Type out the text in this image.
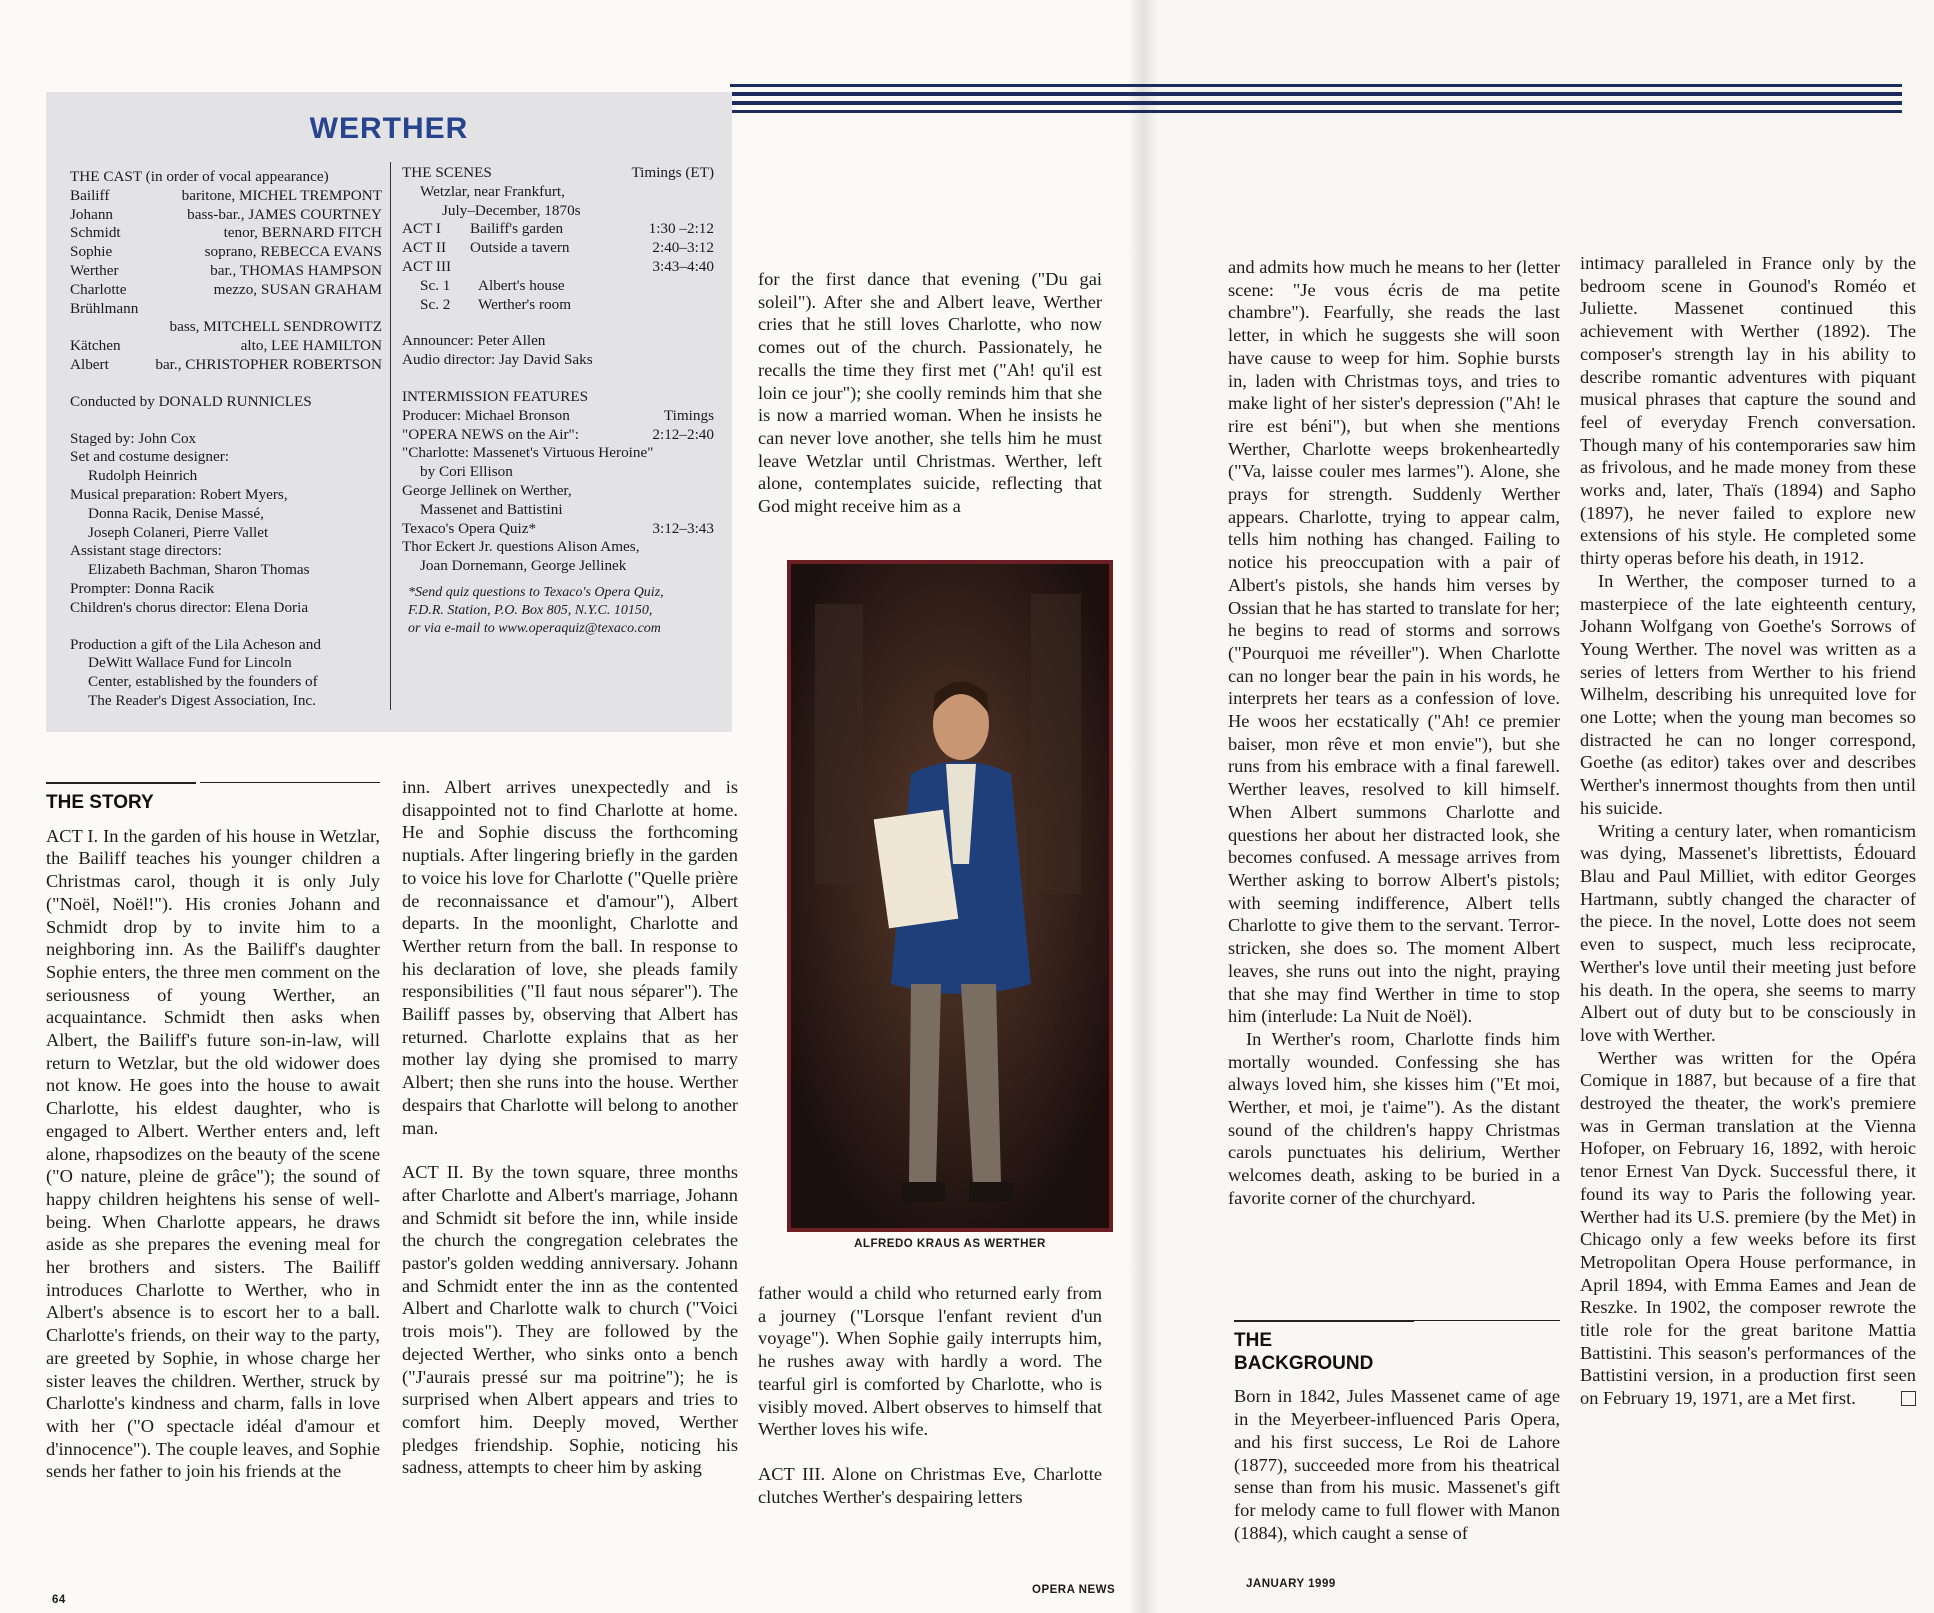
WERTHER
THE CAST (in order of vocal appearance)
Bailiff	baritone, MICHEL TREMPONT
Johann	bass-bar., JAMES COURTNEY
Schmidt	tenor, BERNARD FITCH
Sophie	soprano, REBECCA EVANS
Werther	bar., THOMAS HAMPSON
Charlotte	mezzo, SUSAN GRAHAM
Brühlmann
bass, MITCHELL SENDROWITZ
Kätchen	alto, LEE HAMILTON
Albert	bar., CHRISTOPHER ROBERTSON
Conducted by DONALD RUNNICLES
Staged by: John Cox
Set and costume designer:
Rudolph Heinrich
Musical preparation: Robert Myers,
Donna Racik, Denise Massé,
Joseph Colaneri, Pierre Vallet
Assistant stage directors:
Elizabeth Bachman, Sharon Thomas
Prompter: Donna Racik
Children's chorus director: Elena Doria
Production a gift of the Lila Acheson and
DeWitt Wallace Fund for Lincoln
Center, established by the founders of
The Reader's Digest Association, Inc.
THE SCENES	Timings (ET)
Wetzlar, near Frankfurt,
July–December, 1870s
ACT I Bailiff's garden	1:30 –2:12
ACT II Outside a tavern	2:40–3:12
ACT III	3:43–4:40
Sc. 1 Albert's house
Sc. 2 Werther's room
Announcer: Peter Allen
Audio director: Jay David Saks
INTERMISSION FEATURES
Producer: Michael Bronson	Timings
"OPERA NEWS on the Air":	2:12–2:40
"Charlotte: Massenet's Virtuous Heroine"
by Cori Ellison
George Jellinek on Werther,
Massenet and Battistini
Texaco's Opera Quiz*	3:12–3:43
Thor Eckert Jr. questions Alison Ames,
Joan Dornemann, George Jellinek
*Send quiz questions to Texaco's Opera Quiz,
F.D.R. Station, P.O. Box 805, N.Y.C. 10150,
or via e-mail to www.operaquiz@texaco.com
THE STORY

ACT I. In the garden of his house in Wetzlar, the Bailiff teaches his younger children a Christmas carol, though it is only July ("Noël, Noël!"). His cronies Johann and Schmidt drop by to invite him to a neighboring inn. As the Bailiff's daughter Sophie enters, the three men comment on the seriousness of young Werther, an acquaintance. Schmidt then asks when Albert, the Bailiff's future son-in-law, will return to Wetzlar, but the old widower does not know. He goes into the house to await Charlotte, his eldest daughter, who is engaged to Albert. Werther enters and, left alone, rhapsodizes on the beauty of the scene ("O nature, pleine de grâce"); the sound of happy children heightens his sense of well-being. When Charlotte appears, he draws aside as she prepares the evening meal for her brothers and sisters. The Bailiff introduces Charlotte to Werther, who in Albert's absence is to escort her to a ball. Charlotte's friends, on their way to the party, are greeted by Sophie, in whose charge her sister leaves the children. Werther, struck by Charlotte's kindness and charm, falls in love with her ("O spectacle idéal d'amour et d'innocence"). The couple leaves, and Sophie sends her father to join his friends at the

inn. Albert arrives unexpectedly and is disappointed not to find Charlotte at home. He and Sophie discuss the forthcoming nuptials. After lingering briefly in the garden to voice his love for Charlotte ("Quelle prière de reconnaissance et d'amour"), Albert departs. In the moonlight, Charlotte and Werther return from the ball. In response to his declaration of love, she pleads family responsibilities ("Il faut nous séparer"). The Bailiff passes by, observing that Albert has returned. Charlotte explains that as her mother lay dying she promised to marry Albert; then she runs into the house. Werther despairs that Charlotte will belong to another man.

ACT II. By the town square, three months after Charlotte and Albert's marriage, Johann and Schmidt sit before the inn, while inside the church the congregation celebrates the pastor's golden wedding anniversary. Johann and Schmidt enter the inn as the contented Albert and Charlotte walk to church ("Voici trois mois"). They are followed by the dejected Werther, who sinks onto a bench ("J'aurais pressé sur ma poitrine"); he is surprised when Albert appears and tries to comfort him. Deeply moved, Werther pledges friendship. Sophie, noticing his sadness, attempts to cheer him by asking

for the first dance that evening ("Du gai soleil"). After she and Albert leave, Werther cries that he still loves Charlotte, who now comes out of the church. Passionately, he recalls the time they first met ("Ah! qu'il est loin ce jour"); she coolly reminds him that she is now a married woman. When he insists he can never love another, she tells him he must leave Wetzlar until Christmas. Werther, left alone, contemplates suicide, reflecting that God might receive him as a

ALFREDO KRAUS AS WERTHER

father would a child who returned early from a journey ("Lorsque l'enfant revient d'un voyage"). When Sophie gaily interrupts him, he rushes away with hardly a word. The tearful girl is comforted by Charlotte, who is visibly moved. Albert observes to himself that Werther loves his wife.

ACT III. Alone on Christmas Eve, Charlotte clutches Werther's despairing letters

and admits how much he means to her (letter scene: "Je vous écris de ma petite chambre"). Fearfully, she reads the last letter, in which he suggests she will soon have cause to weep for him. Sophie bursts in, laden with Christmas toys, and tries to make light of her sister's depression ("Ah! le rire est béni"), but when she mentions Werther, Charlotte weeps brokenheartedly ("Va, laisse couler mes larmes"). Alone, she prays for strength. Suddenly Werther appears. Charlotte, trying to appear calm, tells him nothing has changed. Failing to notice his preoccupation with a pair of Albert's pistols, she hands him verses by Ossian that he has started to translate for her; he begins to read of storms and sorrows ("Pourquoi me réveiller"). When Charlotte can no longer bear the pain in his words, he interprets her tears as a confession of love. He woos her ecstatically ("Ah! ce premier baiser, mon rêve et mon envie"), but she runs from his embrace with a final farewell. Werther leaves, resolved to kill himself. When Albert summons Charlotte and questions her about her distracted look, she becomes confused. A message arrives from Werther asking to borrow Albert's pistols; with seeming indifference, Albert tells Charlotte to give them to the servant. Terror-stricken, she does so. The moment Albert leaves, she runs out into the night, praying that she may find Werther in time to stop him (interlude: La Nuit de Noël).

In Werther's room, Charlotte finds him mortally wounded. Confessing she has always loved him, she kisses him ("Et moi, Werther, et moi, je t'aime"). As the distant sound of the children's happy Christmas carols punctuates his delirium, Werther welcomes death, asking to be buried in a favorite corner of the churchyard.

THE BACKGROUND

Born in 1842, Jules Massenet came of age in the Meyerbeer-influenced Paris Opera, and his first success, Le Roi de Lahore (1877), succeeded more from his theatrical sense than from his music. Massenet's gift for melody came to full flower with Manon (1884), which caught a sense of

intimacy paralleled in France only by the bedroom scene in Gounod's Roméo et Juliette. Massenet continued this achievement with Werther (1892). The composer's strength lay in his ability to describe romantic adventures with piquant musical phrases that capture the sound and feel of everyday French conversation. Though many of his contemporaries saw him as frivolous, and he made money from these works and, later, Thaïs (1894) and Sapho (1897), he never failed to explore new extensions of his style. He completed some thirty operas before his death, in 1912.

In Werther, the composer turned to a masterpiece of the late eighteenth century, Johann Wolfgang von Goethe's Sorrows of Young Werther. The novel was written as a series of letters from Werther to his friend Wilhelm, describing his unrequited love for one Lotte; when the young man becomes so distracted he can no longer correspond, Goethe (as editor) takes over and describes Werther's innermost thoughts from then until his suicide.

Writing a century later, when romanticism was dying, Massenet's librettists, Édouard Blau and Paul Milliet, with editor Georges Hartmann, subtly changed the character of the piece. In the novel, Lotte does not seem even to suspect, much less reciprocate, Werther's love until their meeting just before his death. In the opera, she seems to marry Albert out of duty but to be consciously in love with Werther.

Werther was written for the Opéra Comique in 1887, but because of a fire that destroyed the theater, the work's premiere was in German translation at the Vienna Hofoper, on February 16, 1892, with heroic tenor Ernest Van Dyck. Successful there, it found its way to Paris the following year. Werther had its U.S. premiere (by the Met) in Chicago only a few weeks before its first Metropolitan Opera House performance, in April 1894, with Emma Eames and Jean de Reszke. In 1902, the composer rewrote the title role for the great baritone Mattia Battistini. This season's performances of the Battistini version, in a production first seen on February 19, 1971, are a Met first.

64
OPERA NEWS	JANUARY 1999
